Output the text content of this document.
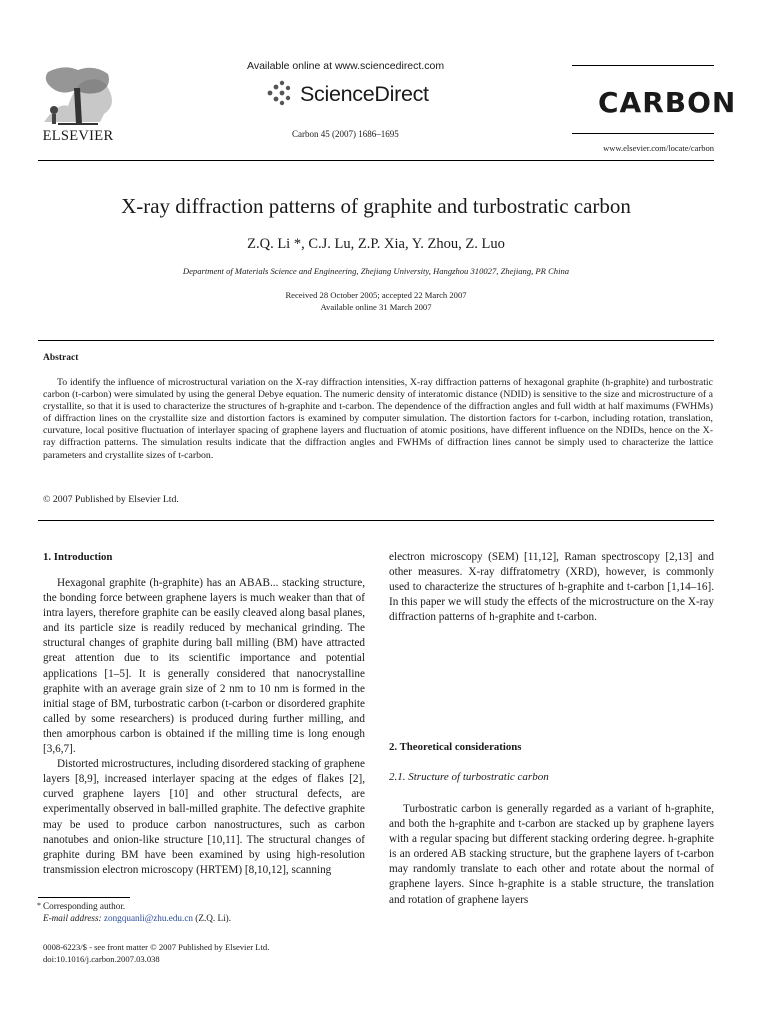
ELSEVIER
Available online at www.sciencedirect.com
ScienceDirect	CARBON
Carbon 45 (2007) 1686–1695
www.elsevier.com/locate/carbon
X-ray diffraction patterns of graphite and turbostratic carbon
Z.Q. Li *, C.J. Lu, Z.P. Xia, Y. Zhou, Z. Luo
Department of Materials Science and Engineering, Zhejiang University, Hangzhou 310027, Zhejiang, PR China
Received 28 October 2005; accepted 22 March 2007
Available online 31 March 2007
Abstract
To identify the influence of microstructural variation on the X-ray diffraction intensities, X-ray diffraction patterns of hexagonal graphite (h-graphite) and turbostratic carbon (t-carbon) were simulated by using the general Debye equation. The numeric density of interatomic distance (NDID) is sensitive to the size and microstructure of a crystallite, so that it is used to characterize the structures of h-graphite and t-carbon. The dependence of the diffraction angles and full width at half maximums (FWHMs) of diffraction lines on the crystallite size and distortion factors is examined by computer simulation. The distortion factors for t-carbon, including rotation, translation, curvature, local positive fluctuation of interlayer spacing of graphene layers and fluctuation of atomic positions, have different influence on the NDIDs, hence on the X-ray diffraction patterns. The simulation results indicate that the diffraction angles and FWHMs of diffraction lines cannot be simply used to characterize the lattice parameters and crystallite sizes of t-carbon.
© 2007 Published by Elsevier Ltd.
1. Introduction

Hexagonal graphite (h-graphite) has an ABAB... stacking structure, the bonding force between graphene layers is much weaker than that of intra layers, therefore graphite can be easily cleaved along basal planes, and its particle size is readily reduced by mechanical grinding. The structural changes of graphite during ball milling (BM) have attracted great attention due to its scientific importance and potential applications [1–5]. It is generally considered that nanocrystalline graphite with an average grain size of 2 nm to 10 nm is formed in the initial stage of BM, turbostratic carbon (t-carbon or disordered graphite called by some researchers) is produced during further milling, and then amorphous carbon is obtained if the milling time is long enough [3,6,7].

Distorted microstructures, including disordered stacking of graphene layers [8,9], increased interlayer spacing at the edges of flakes [2], curved graphene layers [10] and other structural defects, are experimentally observed in ball-milled graphite. The defective graphite may be used to produce carbon nanostructures, such as carbon nanotubes and onion-like structure [10,11]. The structural changes of graphite during BM have been examined by using high-resolution transmission electron microscopy (HRTEM) [8,10,12], scanning

2. Theoretical considerations
2.1. Structure of turbostratic carbon

Turbostratic carbon is generally regarded as a variant of h-graphite, and both the h-graphite and t-carbon are stacked up by graphene layers with a regular spacing but different stacking ordering degree. h-graphite is an ordered AB stacking structure, but the graphene layers of t-carbon may randomly translate to each other and rotate about the normal of graphene layers. Since h-graphite is a stable structure, the translation and rotation of graphene layers

* Corresponding author.
E-mail address: zongquanli@zhu.edu.cn (Z.Q. Li).
0008-6223/$ - see front matter © 2007 Published by Elsevier Ltd.
doi:10.1016/j.carbon.2007.03.038
electron microscopy (SEM) [11,12], Raman spectroscopy [2,13] and other measures. X-ray diffratometry (XRD), however, is commonly used to characterize the structures of h-graphite and t-carbon [1,14–16]. In this paper we will study the effects of the microstructure on the X-ray diffraction patterns of h-graphite and t-carbon.
